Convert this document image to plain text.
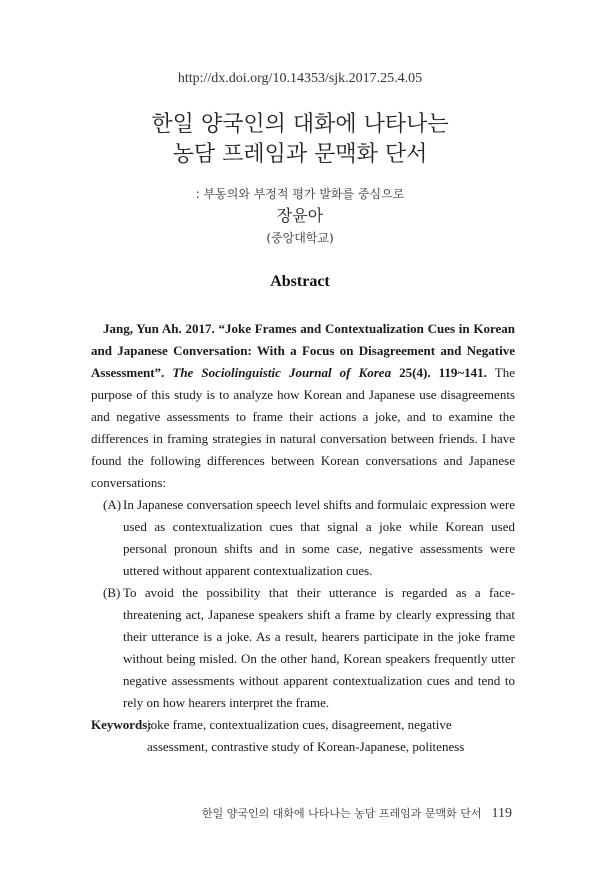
http://dx.doi.org/10.14353/sjk.2017.25.4.05
한일 양국인의 대화에 나타나는
농담 프레임과 문맥화 단서
: 부동의와 부정적 평가 발화를 중심으로
장윤아
(중앙대학교)
Abstract

Jang, Yun Ah. 2017. “Joke Frames and Contextualization Cues in Korean and Japanese Conversation: With a Focus on Disagreement and Negative Assessment”. The Sociolinguistic Journal of Korea 25(4). 119~141. The purpose of this study is to analyze how Korean and Japanese use disagreements and negative assessments to frame their actions a joke, and to examine the differences in framing strategies in natural conversation between friends. I have found the following differences between Korean conversations and Japanese conversations:

(A) In Japanese conversation speech level shifts and formulaic expression were used as contextualization cues that signal a joke while Korean used personal pronoun shifts and in some case, negative assessments were uttered without apparent contextualization cues.

(B) To avoid the possibility that their utterance is regarded as a face-threatening act, Japanese speakers shift a frame by clearly expressing that their utterance is a joke. As a result, hearers participate in the joke frame without being misled. On the other hand, Korean speakers frequently utter negative assessments without apparent contextualization cues and tend to rely on how hearers interpret the frame.

Keywords:
joke frame, contextualization cues, disagreement, negative assessment, contrastive study of Korean-Japanese, politeness

한일 양국인의 대화에 나타나는 농담 프레임과 문맥화 단서 119
